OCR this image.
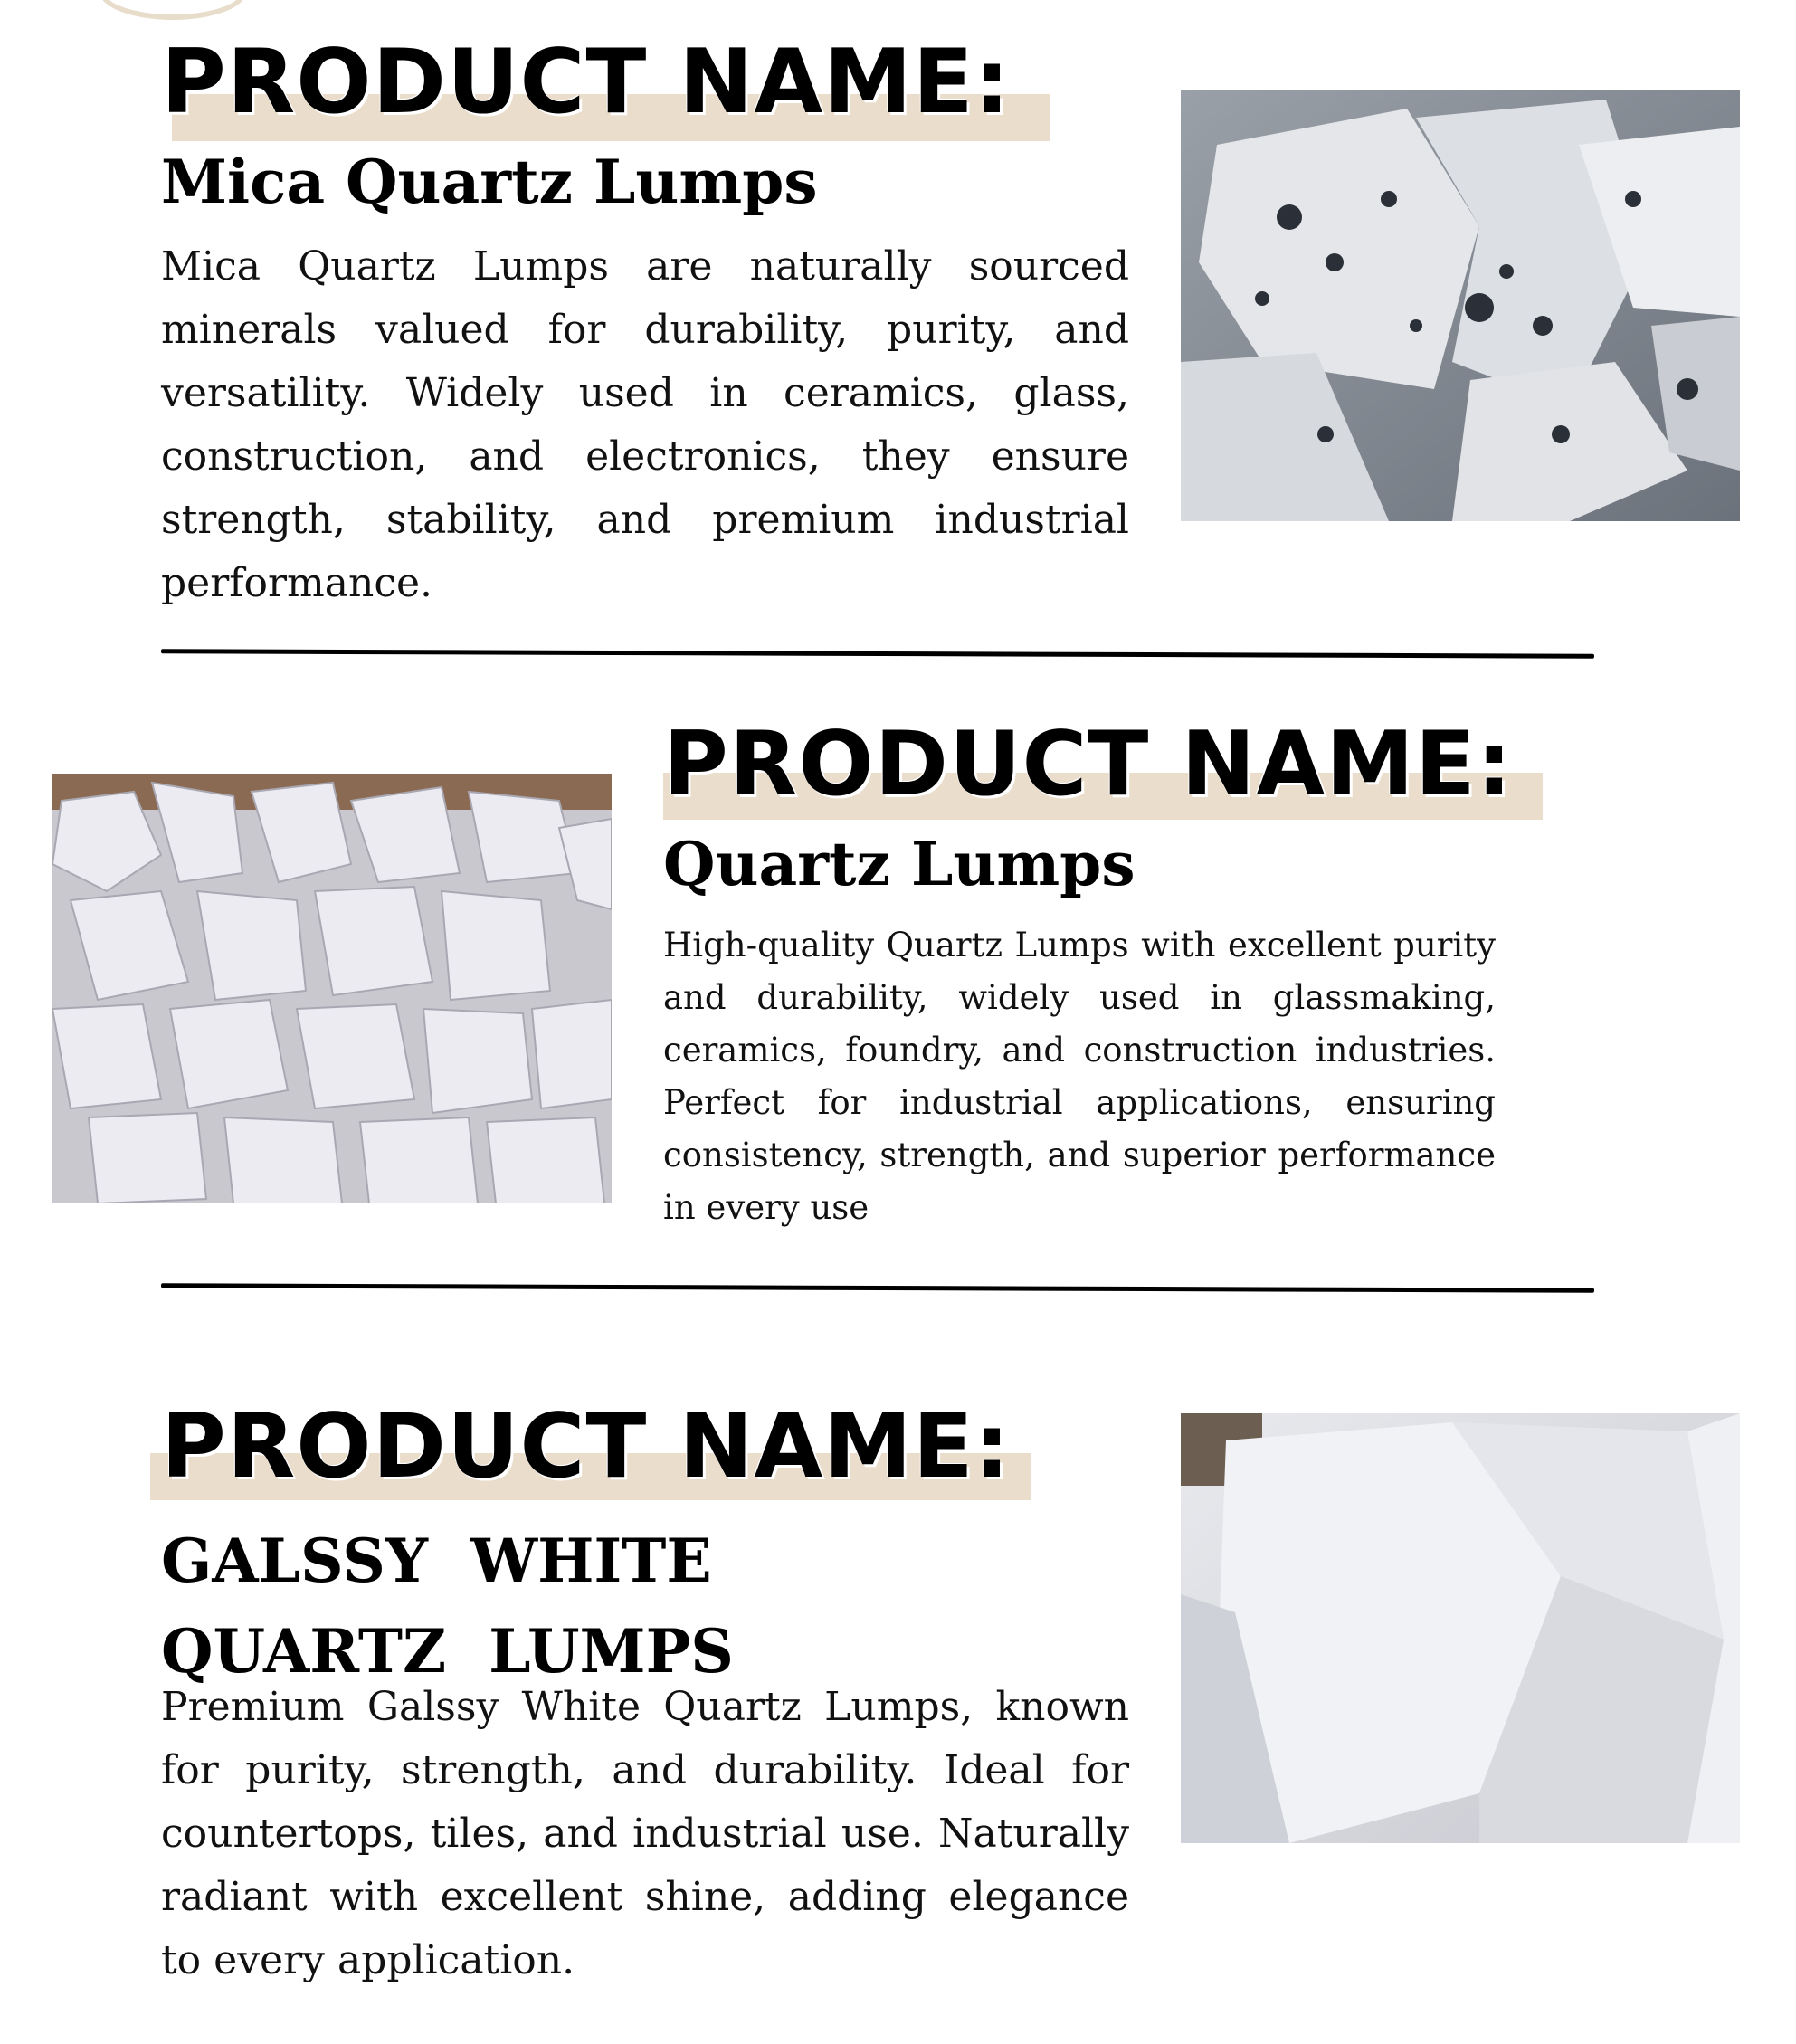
PRODUCT NAME:
Mica Quartz Lumps

Mica Quartz Lumps are naturally sourced minerals valued for durability, purity, and versatility. Widely used in ceramics, glass, construction, and electronics, they ensure strength, stability, and premium industrial performance.

PRODUCT NAME:
Quartz Lumps

High-quality Quartz Lumps with excellent purity and durability, widely used in glassmaking, ceramics, foundry, and construction industries. Perfect for industrial applications, ensuring consistency, strength, and superior performance in every use

PRODUCT NAME:
GALSSY WHITE QUARTZ LUMPS

Premium Galssy White Quartz Lumps, known for purity, strength, and durability. Ideal for countertops, tiles, and industrial use. Naturally radiant with excellent shine, adding elegance to every application.
